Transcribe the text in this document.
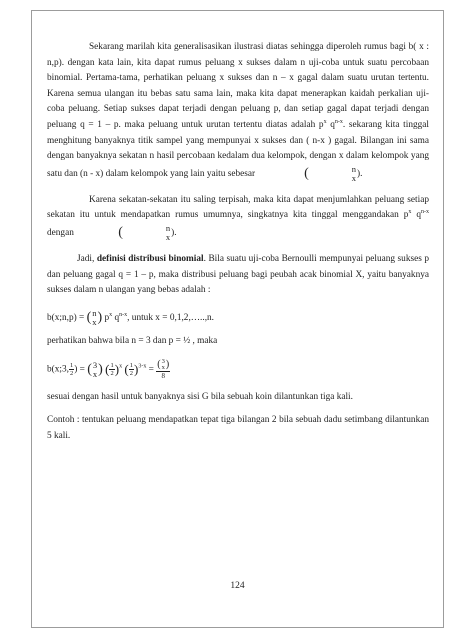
Sekarang marilah kita generalisasikan ilustrasi diatas sehingga diperoleh rumus bagi b( x : n,p). dengan kata lain, kita dapat rumus peluang x sukses dalam n uji-coba untuk suatu percobaan binomial. Pertama-tama, perhatikan peluang x sukses dan n – x gagal dalam suatu urutan tertentu. Karena semua ulangan itu bebas satu sama lain, maka kita dapat menerapkan kaidah perkalian uji-coba peluang. Setiap sukses dapat terjadi dengan peluang p, dan setiap gagal dapat terjadi dengan peluang q = 1 – p. maka peluang untuk urutan tertentu diatas adalah $p^x$ $q^{n-x}$. sekarang kita tinggal menghitung banyaknya titik sampel yang mempunyai x sukses dan ( n-x ) gagal. Bilangan ini sama dengan banyaknya sekatan n hasil percobaan kedalam dua kelompok, dengan x dalam kelompok yang satu dan (n - x) dalam kelompok yang lain yaitu sebesar	(	n
x ).

Karena sekatan-sekatan itu saling terpisah, maka kita dapat menjumlahkan peluang setiap sekatan itu untuk mendapatkan rumus umumnya, singkatnya kita tinggal menggandakan $p^x$ $q^{n-x}$ dengan	(	n
x ).

Jadi, definisi distribusi binomial. Bila suatu uji-coba Bernoulli mempunyai peluang sukses p dan peluang gagal q = 1 – p, maka distribusi peluang bagi peubah acak binomial X, yaitu banyaknya sukses dalam n ulangan yang bebas adalah :

b(x;n,p) = ( n
x ) $p^x$ $q^{n-x}$, untuk x = 0,1,2,…..,n.

perhatikan bahwa bila n = 3 dan p = ½ , maka

b(x;3, $\frac{1}{2}$ ) = ( 3
x ) ( $\frac{1}{2} )^x$ ( $\frac{1}{2} )^{3-x}$ = ( 3
x )
8

sesuai dengan hasil untuk banyaknya sisi G bila sebuah koin dilantunkan tiga kali.

Contoh : tentukan peluang mendapatkan tepat tiga bilangan 2 bila sebuah dadu setimbang dilantunkan 5 kali.

124
